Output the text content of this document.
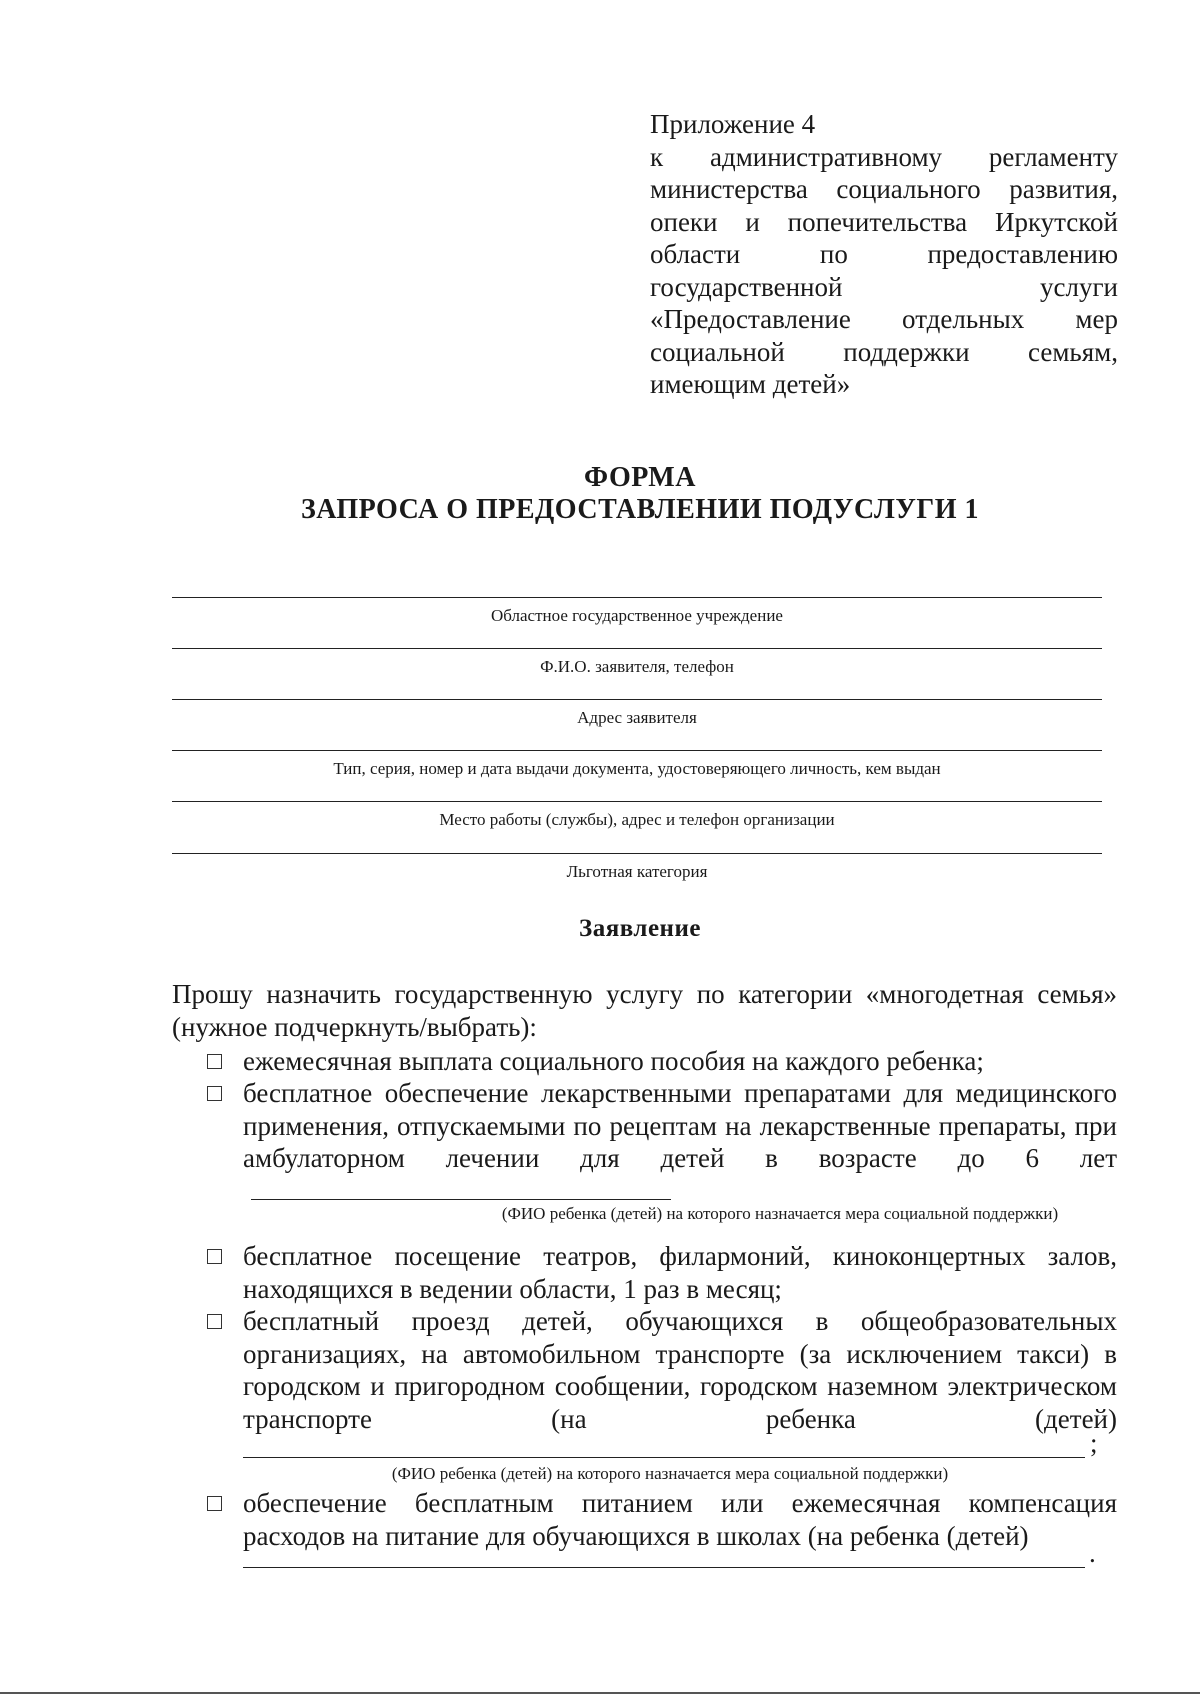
Приложение 4
к административному регламенту министерства социального развития, опеки и попечительства Иркутской области по предоставлению государственной услуги «Предоставление отдельных мер социальной поддержки семьям, имеющим детей»
ФОРМА
ЗАПРОСА О ПРЕДОСТАВЛЕНИИ ПОДУСЛУГИ 1
Областное государственное учреждение
Ф.И.О. заявителя, телефон
Адрес заявителя
Тип, серия, номер и дата выдачи документа, удостоверяющего личность, кем выдан
Место работы (службы), адрес и телефон организации
Льготная категория
Заявление
Прошу назначить государственную услугу по категории «многодетная семья» (нужное подчеркнуть/выбрать):
ежемесячная выплата социального пособия на каждого ребенка;
бесплатное обеспечение лекарственными препаратами для медицинского применения, отпускаемыми по рецептам на лекарственные препараты, при амбулаторном лечении для детей в возрасте до 6 лет
(ФИО ребенка (детей) на которого назначается мера социальной поддержки)
бесплатное посещение театров, филармоний, киноконцертных залов, находящихся в ведении области, 1 раз в месяц;
бесплатный проезд детей, обучающихся в общеобразовательных организациях, на автомобильном транспорте (за исключением такси) в городском и пригородном сообщении, городском наземном электрическом транспорте (на ребенка (детей)
;
(ФИО ребенка (детей) на которого назначается мера социальной поддержки)
обеспечение бесплатным питанием или ежемесячная компенсация расходов на питание для обучающихся в школах (на ребенка (детей)
.
